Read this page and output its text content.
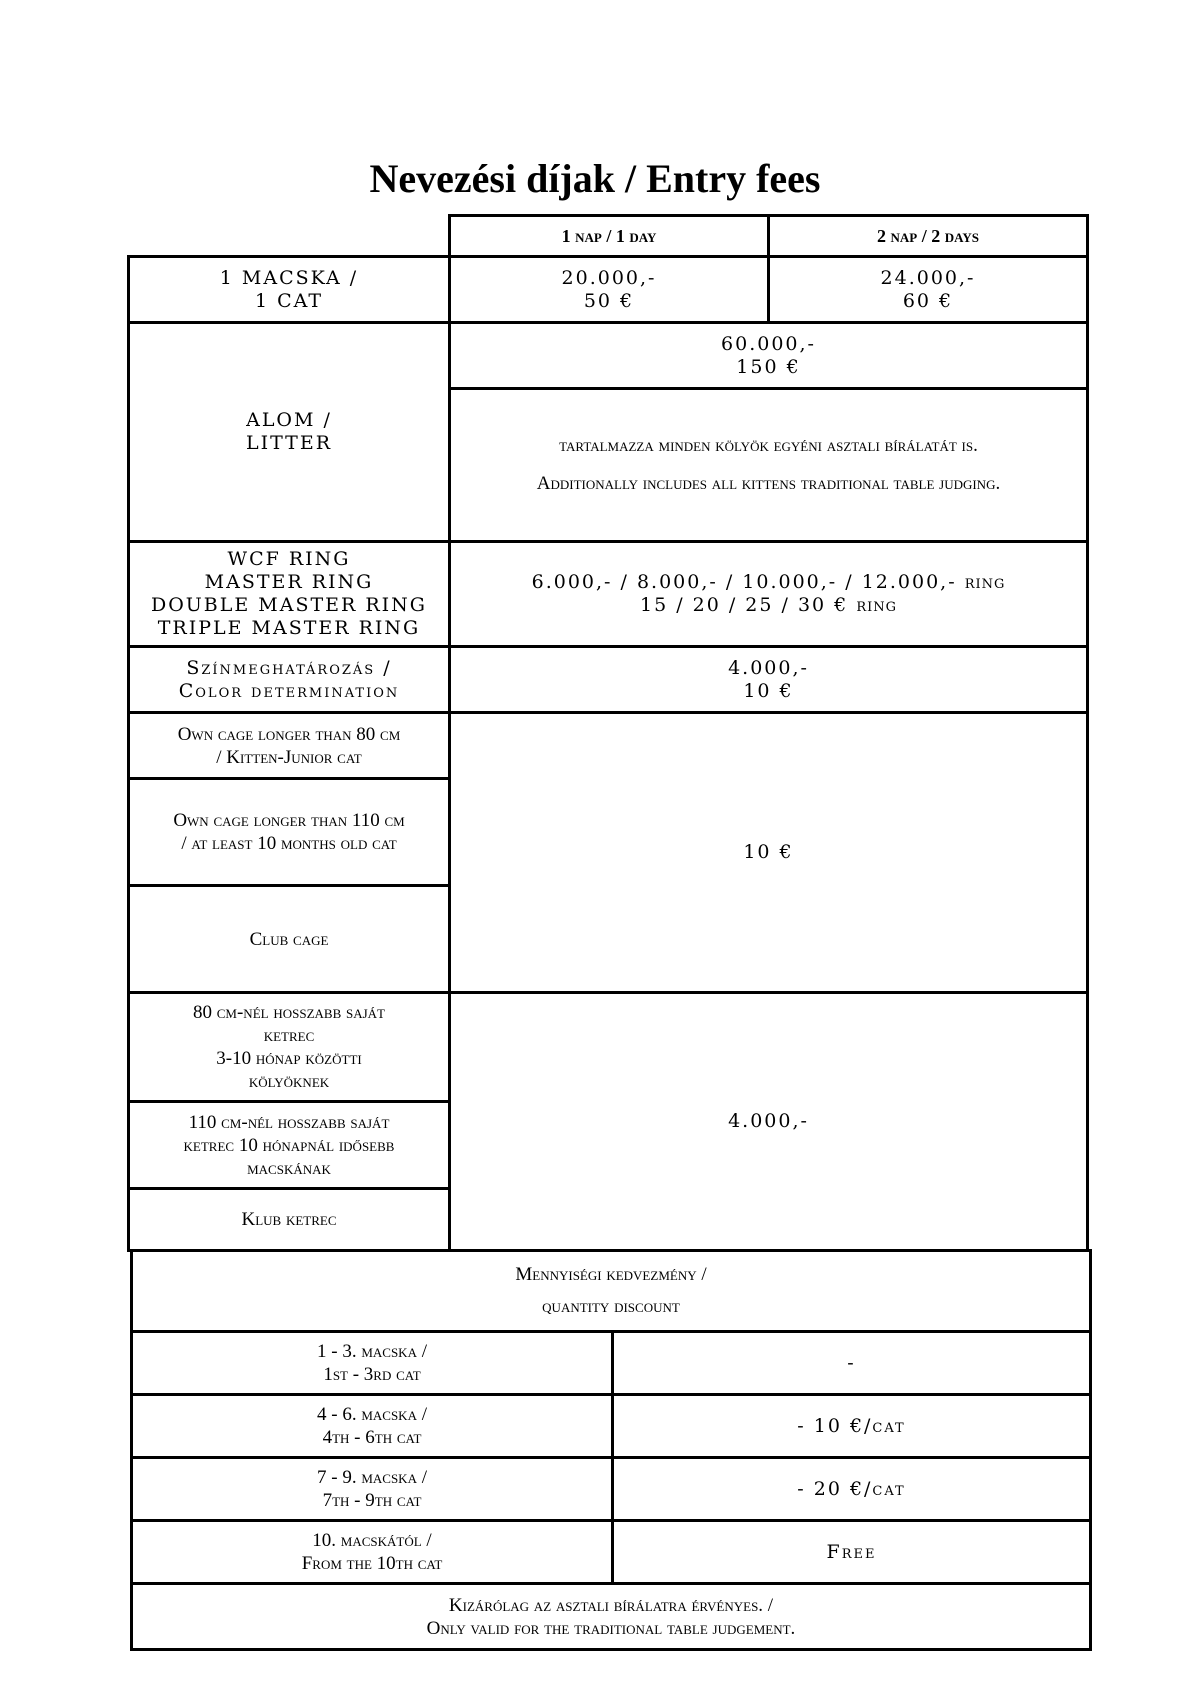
Nevezési díjak / Entry fees
1 nap / 1 day	2 nap / 2 days
1 MACSKA /
1 CAT
20.000,-
50 €
24.000,-
60 €
ALOM /
LITTER
60.000,-
150 €
tartalmazza minden kölyök egyéni asztali bírálatát is.
Additionally includes all kittens traditional table judging.
WCF RING
MASTER RING
DOUBLE MASTER RING
TRIPLE MASTER RING
6.000,- / 8.000,- / 10.000,- / 12.000,- ring
15 / 20 / 25 / 30 € ring
Színmeghatározás /
Color determination
4.000,-
10 €
Own cage longer than 80 cm
/ Kitten-Junior cat
Own cage longer than 110 cm
/ at least 10 months old cat
Club cage
10 €
80 cm-nél hosszabb saját
ketrec
3-10 hónap közötti
kölyöknek
110 cm-nél hosszabb saját
ketrec 10 hónapnál idősebb
macskának
Klub ketrec
4.000,-
Mennyiségi kedvezmény /
quantity discount
1 - 3. macska /
1st - 3rd cat
-
4 - 6. macska /
4th - 6th cat
- 10 €/cat
7 - 9. macska /
7th - 9th cat
- 20 €/cat
10. macskától /
From the 10th cat
Free
Kizárólag az asztali bírálatra érvényes. /
Only valid for the traditional table judgement.
